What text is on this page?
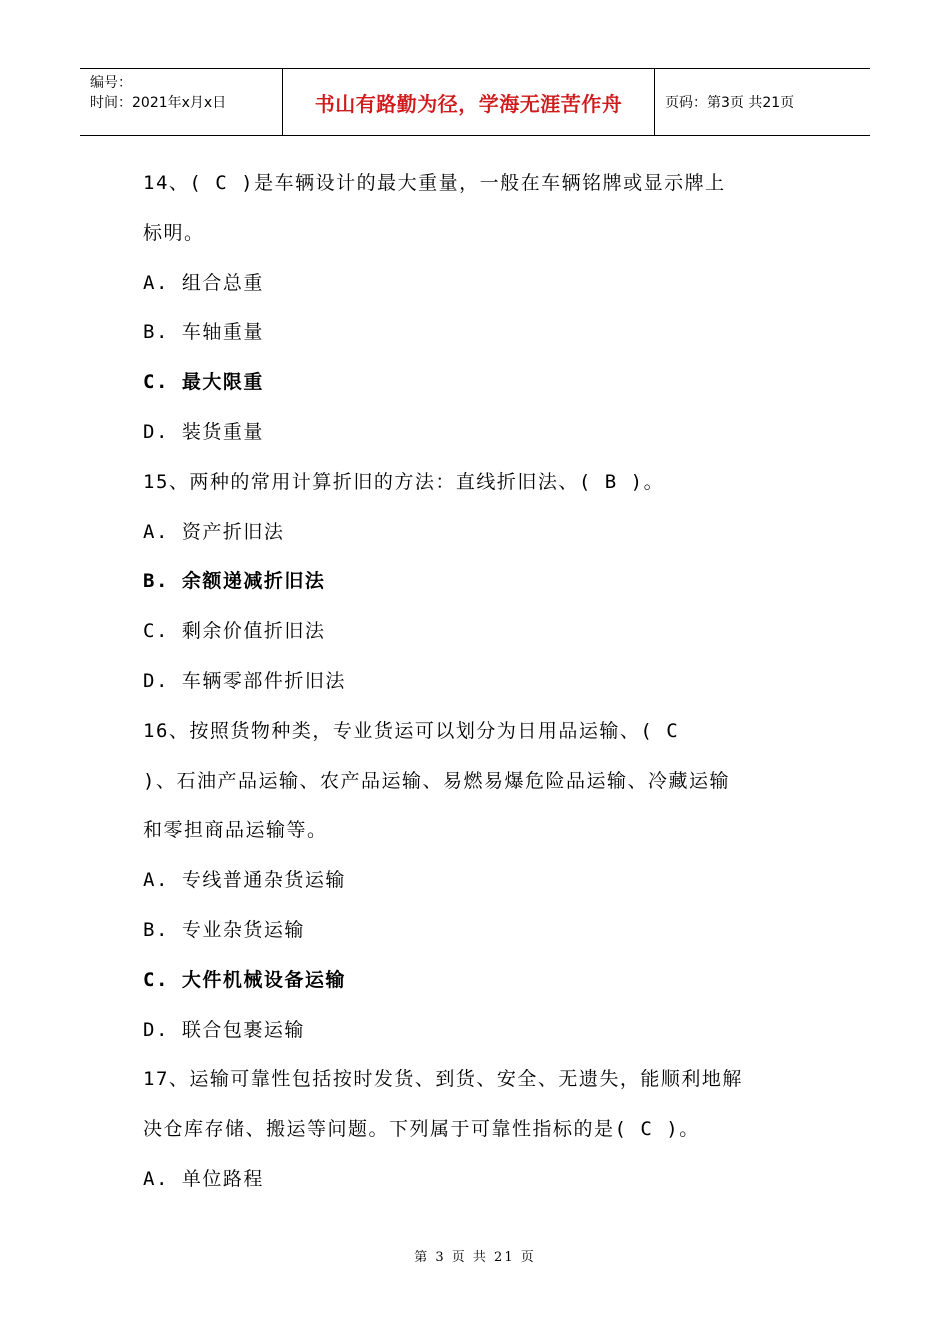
编号：
时间：2021年x月x日	书山有路勤为径，学海无涯苦作舟	页码：第3页 共21页
14、( C )是车辆设计的最大重量，一般在车辆铭牌或显示牌上
标明。
A. 组合总重
B. 车轴重量
C. 最大限重
D. 装货重量
15、两种的常用计算折旧的方法：直线折旧法、( B )。
A. 资产折旧法
B. 余额递减折旧法
C. 剩余价值折旧法
D. 车辆零部件折旧法
16、按照货物种类，专业货运可以划分为日用品运输、( C
)、石油产品运输、农产品运输、易燃易爆危险品运输、冷藏运输
和零担商品运输等。
A. 专线普通杂货运输
B. 专业杂货运输
C. 大件机械设备运输
D. 联合包裹运输
17、运输可靠性包括按时发货、到货、安全、无遗失，能顺利地解
决仓库存储、搬运等问题。下列属于可靠性指标的是( C )。
A. 单位路程
第 3 页 共 21 页
